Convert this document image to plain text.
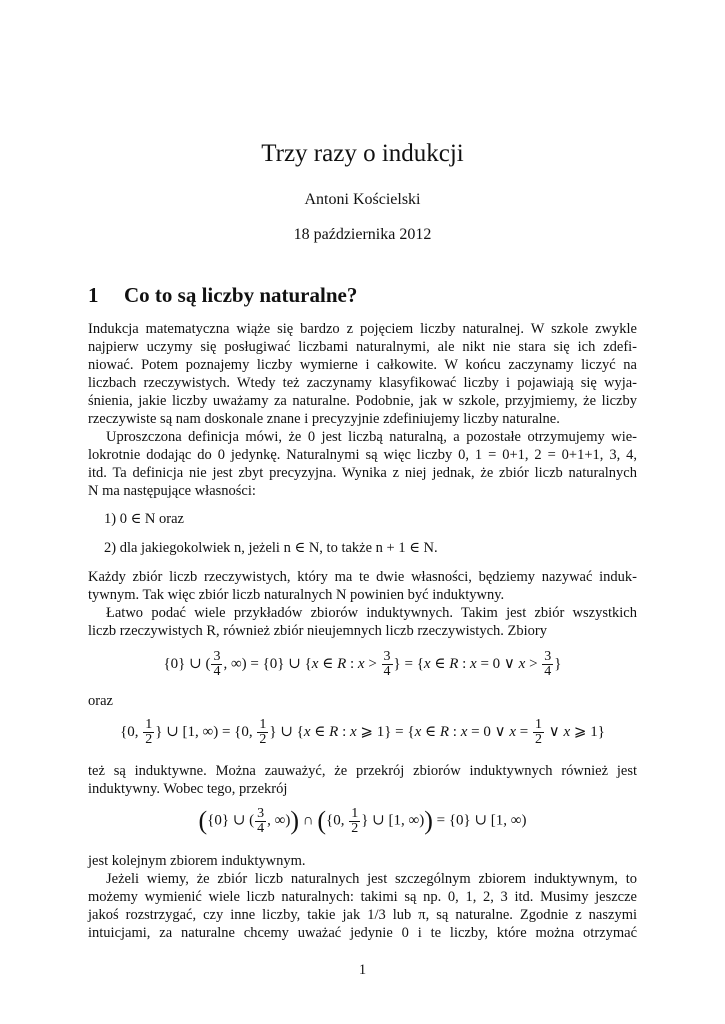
Trzy razy o indukcji
Antoni Kościelski
18 października 2012
1 Co to są liczby naturalne?
Indukcja matematyczna wiąże się bardzo z pojęciem liczby naturalnej. W szkole zwykle
najpierw uczymy się posługiwać liczbami naturalnymi, ale nikt nie stara się ich zdefi-
niować. Potem poznajemy liczby wymierne i całkowite. W końcu zaczynamy liczyć na
liczbach rzeczywistych. Wtedy też zaczynamy klasyfikować liczby i pojawiają się wyja-
śnienia, jakie liczby uważamy za naturalne. Podobnie, jak w szkole, przyjmiemy, że liczby
rzeczywiste są nam doskonale znane i precyzyjnie zdefiniujemy liczby naturalne.
Uproszczona definicja mówi, że 0 jest liczbą naturalną, a pozostałe otrzymujemy wie-
lokrotnie dodając do 0 jedynkę. Naturalnymi są więc liczby 0, 1 = 0+1, 2 = 0+1+1, 3, 4,
itd. Ta definicja nie jest zbyt precyzyjna. Wynika z niej jednak, że zbiór liczb naturalnych
N ma następujące własności:
1) 0 ∈ N oraz
2) dla jakiegokolwiek n, jeżeli n ∈ N, to także n + 1 ∈ N.
Każdy zbiór liczb rzeczywistych, który ma te dwie własności, będziemy nazywać induk-
tywnym. Tak więc zbiór liczb naturalnych N powinien być induktywny.
Łatwo podać wiele przykładów zbiorów induktywnych. Takim jest zbiór wszystkich
liczb rzeczywistych R, również zbiór nieujemnych liczb rzeczywistych. Zbiory
{0} ∪ ( $\frac{3}{4}$ , ∞) = {0} ∪ {x ∈ R : $x > \frac{3}{4}$ } = {x ∈ R : x = 0 ∨ $x > \frac{3}{4}$ }
oraz
{0, $\frac{1}{2}$ } ∪ [1, ∞) = {0, $\frac{1}{2}$ } ∪ {x ∈ R : x ⩾ 1} = {x ∈ R : x = 0 ∨ $x = \frac{1}{2}$ ∨ x ⩾ 1}
też są induktywne. Można zauważyć, że przekrój zbiorów induktywnych również jest
induktywny. Wobec tego, przekrój
({0} ∪ ( $\frac{3}{4}$ , ∞)) ∩ ({0, $\frac{1}{2}$ } ∪ [1, ∞)) = {0} ∪ [1, ∞)
jest kolejnym zbiorem induktywnym.
Jeżeli wiemy, że zbiór liczb naturalnych jest szczególnym zbiorem induktywnym, to
możemy wymienić wiele liczb naturalnych: takimi są np. 0, 1, 2, 3 itd. Musimy jeszcze
jakoś rozstrzygać, czy inne liczby, takie jak 1/3 lub π, są naturalne. Zgodnie z naszymi
intuicjami, za naturalne chcemy uważać jedynie 0 i te liczby, które można otrzymać
1
